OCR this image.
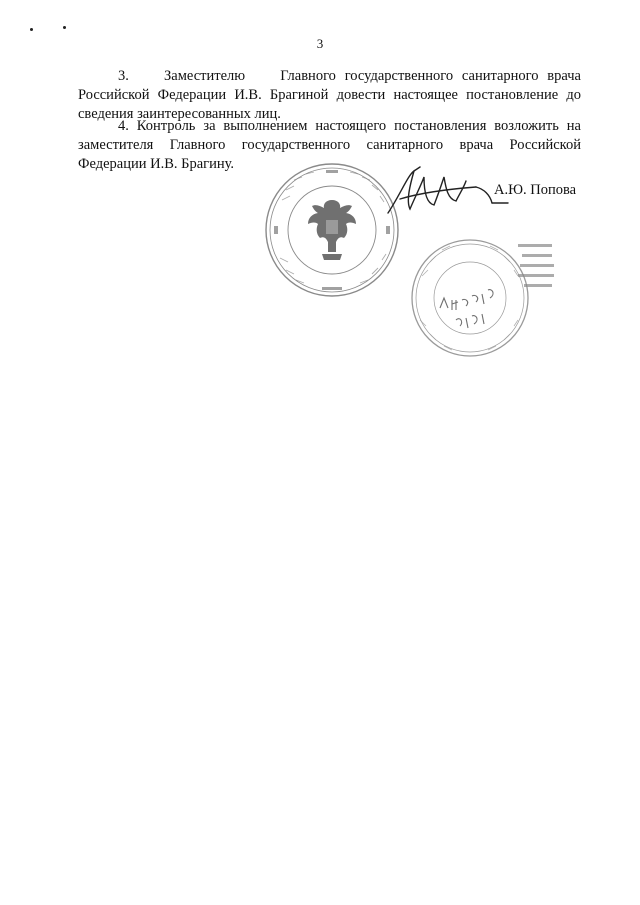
3

3.    Заместителю    Главного государственного санитарного врача Российской Федерации И.В. Брагиной довести настоящее постановление до сведения заинтересованных лиц.

4. Контроль за выполнением настоящего постановления возложить на заместителя Главного государственного санитарного врача Российской Федерации И.В. Брагину.

А.Ю. Попова
